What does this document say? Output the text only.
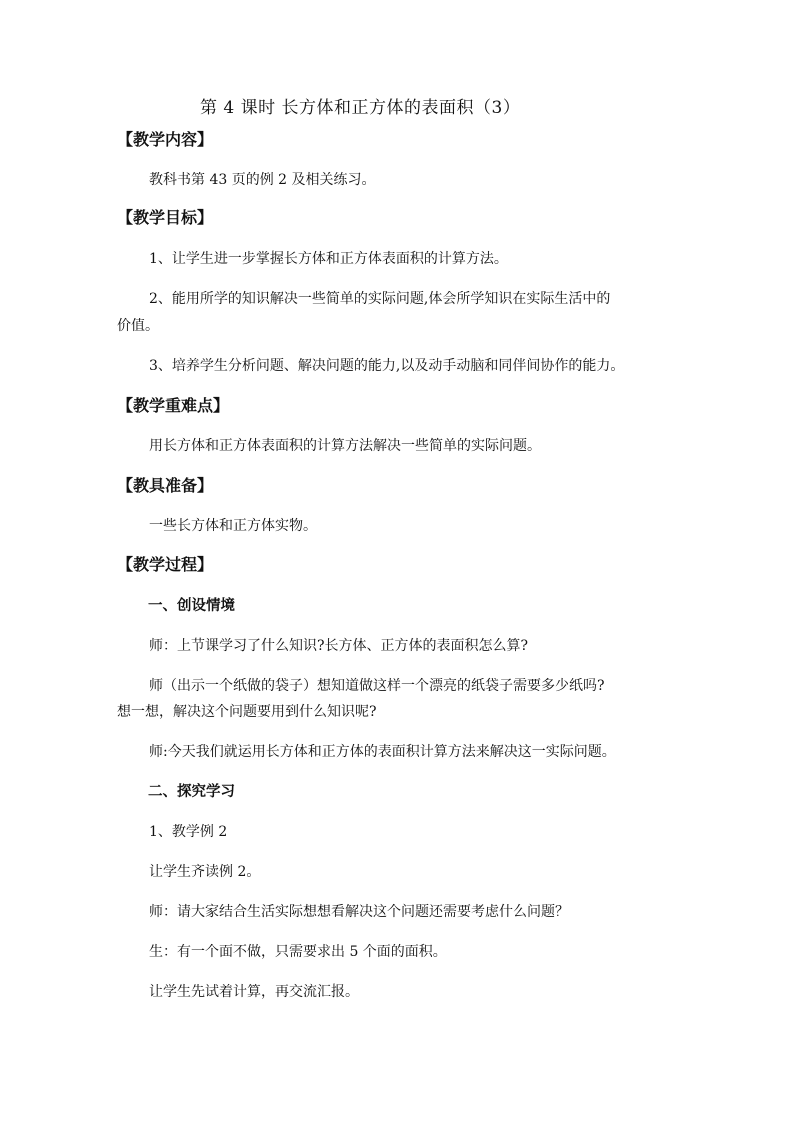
第 4 课时 长方体和正方体的表面积（3）

【教学内容】

教科书第 43 页的例 2 及相关练习。

【教学目标】

1、让学生进一步掌握长方体和正方体表面积的计算方法。

2、能用所学的知识解决一些简单的实际问题,体会所学知识在实际生活中的

价值。

3、培养学生分析问题、解决问题的能力,以及动手动脑和同伴间协作的能力。

【教学重难点】

用长方体和正方体表面积的计算方法解决一些简单的实际问题。

【教具准备】

一些长方体和正方体实物。

【教学过程】

一、创设情境

师：上节课学习了什么知识?长方体、正方体的表面积怎么算?

师（出示一个纸做的袋子）想知道做这样一个漂亮的纸袋子需要多少纸吗?

想一想，解决这个问题要用到什么知识呢?

师:今天我们就运用长方体和正方体的表面积计算方法来解决这一实际问题。

二、探究学习

1、教学例 2

让学生齐读例 2。

师：请大家结合生活实际想想看解决这个问题还需要考虑什么问题？

生：有一个面不做，只需要求出 5 个面的面积。

让学生先试着计算，再交流汇报。
